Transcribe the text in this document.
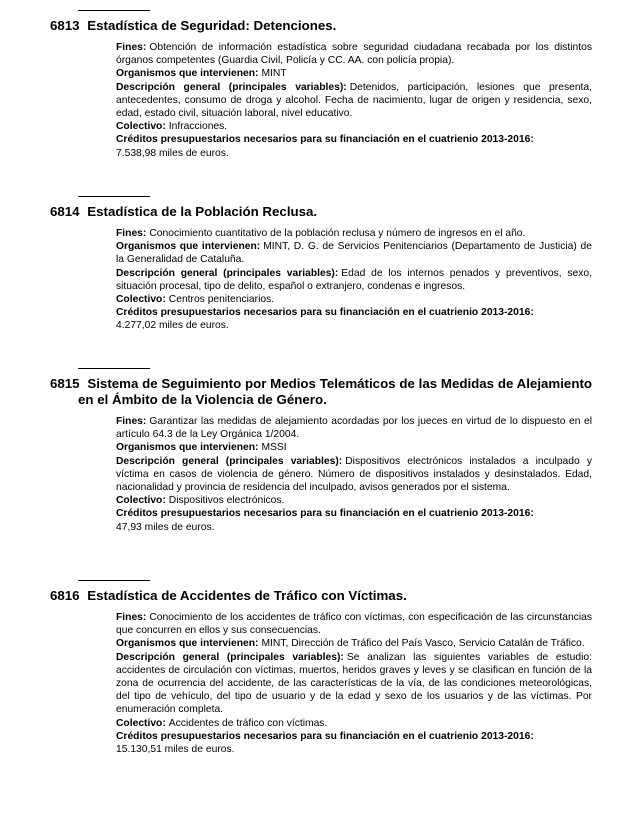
6813 Estadística de Seguridad: Detenciones.

Fines: Obtención de información estadística sobre seguridad ciudadana recabada por los distintos órganos competentes (Guardia Civil, Policía y CC. AA. con policía propia).

Organismos que intervienen: MINT

Descripción general (principales variables): Detenidos, participación, lesiones que presenta, antecedentes, consumo de droga y alcohol. Fecha de nacimiento, lugar de origen y residencia, sexo, edad, estado civil, situación laboral, nivel educativo.

Colectivo: Infracciones.

Créditos presupuestarios necesarios para su financiación en el cuatrienio 2013-2016:
7.538,98 miles de euros.

6814 Estadística de la Población Reclusa.

Fines: Conocimiento cuantitativo de la población reclusa y número de ingresos en el año.

Organismos que intervienen: MINT, D. G. de Servicios Penitenciarios (Departamento de Justicia) de la Generalidad de Cataluña.

Descripción general (principales variables): Edad de los internos penados y preventivos, sexo, situación procesal, tipo de delito, español o extranjero, condenas e ingresos.

Colectivo: Centros penitenciarios.

Créditos presupuestarios necesarios para su financiación en el cuatrienio 2013-2016:
4.277,02 miles de euros.

6815 Sistema de Seguimiento por Medios Telemáticos de las Medidas de Alejamiento en el Ámbito de la Violencia de Género.

Fines: Garantizar las medidas de alejamiento acordadas por los jueces en virtud de lo dispuesto en el artículo 64.3 de la Ley Orgánica 1/2004.

Organismos que intervienen: MSSI

Descripción general (principales variables): Dispositivos electrónicos instalados a inculpado y víctima en casos de violencia de género. Número de dispositivos instalados y desinstalados. Edad, nacionalidad y provincia de residencia del inculpado, avisos generados por el sistema.

Colectivo: Dispositivos electrónicos.

Créditos presupuestarios necesarios para su financiación en el cuatrienio 2013-2016:
47,93 miles de euros.

6816 Estadística de Accidentes de Tráfico con Víctimas.

Fines: Conocimiento de los accidentes de tráfico con víctimas, con especificación de las circunstancias que concurren en ellos y sus consecuencias.

Organismos que intervienen: MINT, Dirección de Tráfico del País Vasco, Servicio Catalán de Tráfico.

Descripción general (principales variables): Se analizan las siguientes variables de estudio: accidentes de circulación con víctimas, muertos, heridos graves y leves y se clasifican en función de la zona de ocurrencia del accidente, de las características de la vía, de las condiciones meteorológicas, del tipo de vehículo, del tipo de usuario y de la edad y sexo de los usuarios y de las víctimas. Por enumeración completa.

Colectivo: Accidentes de tráfico con víctimas.

Créditos presupuestarios necesarios para su financiación en el cuatrienio 2013-2016:
15.130,51 miles de euros.
